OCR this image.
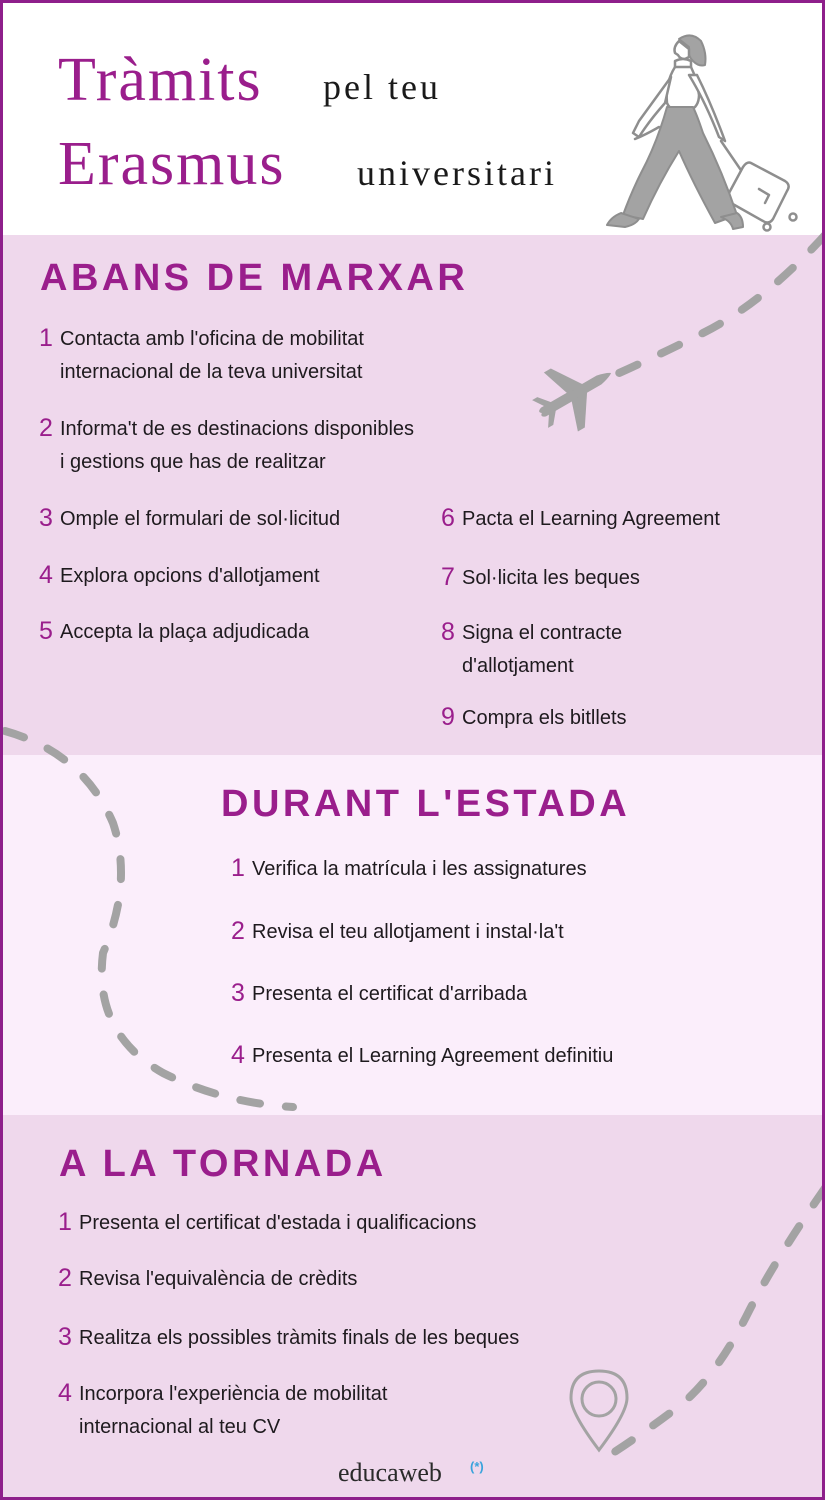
Tràmits pel teu
Erasmus universitari
ABANS DE MARXAR
1 Contacta amb l'oficina de mobilitat
internacional de la teva universitat
2 Informa't de es destinacions disponibles
i gestions que has de realitzar
3 Omple el formulari de sol·licitud
4 Explora opcions d'allotjament
5 Accepta la plaça adjudicada
6 Pacta el Learning Agreement
7 Sol·licita les beques
8 Signa el contracte
d'allotjament
9 Compra els bitllets
DURANT L'ESTADA
1 Verifica la matrícula i les assignatures
2 Revisa el teu allotjament i instal·la't
3 Presenta el certificat d'arribada
4 Presenta el Learning Agreement definitiu
A LA TORNADA
1 Presenta el certificat d'estada i qualificacions
2 Revisa l'equivalència de crèdits
3 Realitza els possibles tràmits finals de les beques
4 Incorpora l'experiència de mobilitat
internacional al teu CV
educaweb (*)
